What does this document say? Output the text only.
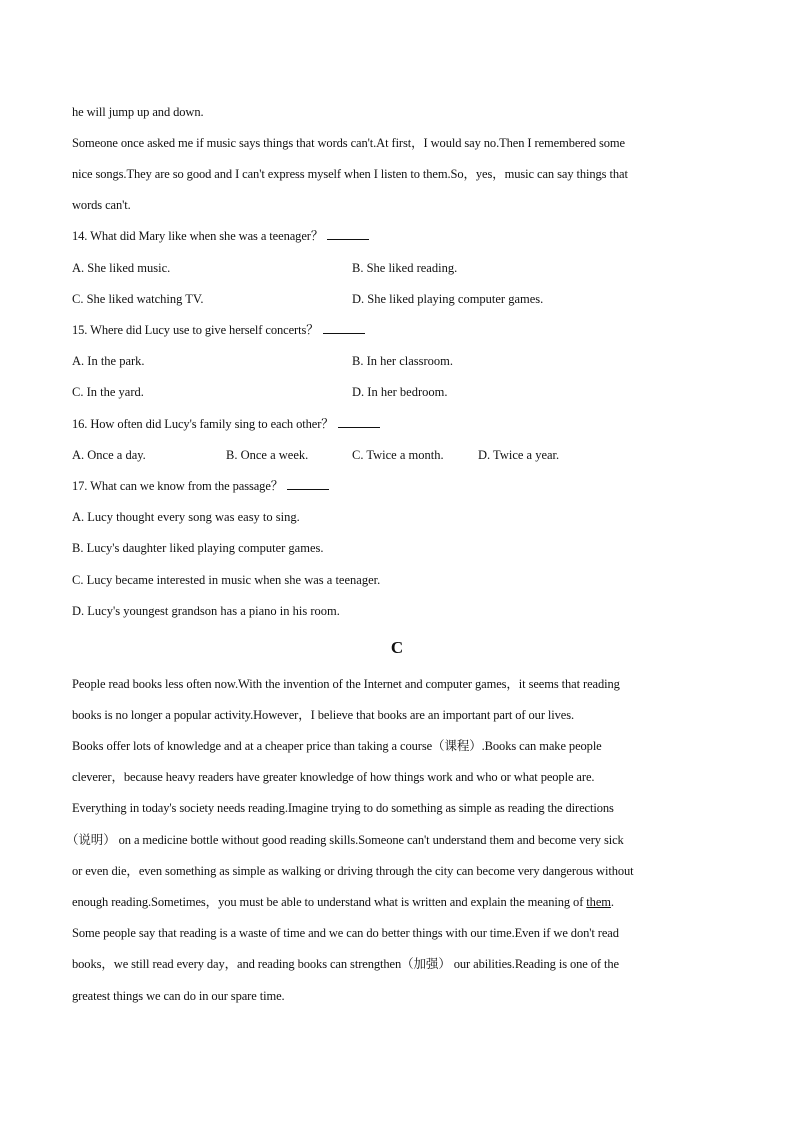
he will jump up and down.
Someone once asked me if music says things that words can't.At first，I would say no.Then I remembered some
nice songs.They are so good and I can't express myself when I listen to them.So，yes，music can say things that
words can't.
14. What did Mary like when she was a teenager？
A. She liked music.	B. She liked reading.
C. She liked watching TV.	D. She liked playing computer games.
15. Where did Lucy use to give herself concerts？
A. In the park.	B. In her classroom.
C. In the yard.	D. In her bedroom.
16. How often did Lucy's family sing to each other？
A. Once a day.	B. Once a week.	C. Twice a month.	D. Twice a year.
17. What can we know from the passage？
A. Lucy thought every song was easy to sing.
B. Lucy's daughter liked playing computer games.
C. Lucy became interested in music when she was a teenager.
D. Lucy's youngest grandson has a piano in his room.
C
People read books less often now.With the invention of the Internet and computer games，it seems that reading
books is no longer a popular activity.However，I believe that books are an important part of our lives.
Books offer lots of knowledge and at a cheaper price than taking a course（课程）.Books can make people
cleverer，because heavy readers have greater knowledge of how things work and who or what people are.
Everything in today's society needs reading.Imagine trying to do something as simple as reading the directions
（说明） on a medicine bottle without good reading skills.Someone can't understand them and become very sick
or even die，even something as simple as walking or driving through the city can become very dangerous without
enough reading.Sometimes，you must be able to understand what is written and explain the meaning of them.
Some people say that reading is a waste of time and we can do better things with our time.Even if we don't read
books，we still read every day，and reading books can strengthen（加强） our abilities.Reading is one of the
greatest things we can do in our spare time.
